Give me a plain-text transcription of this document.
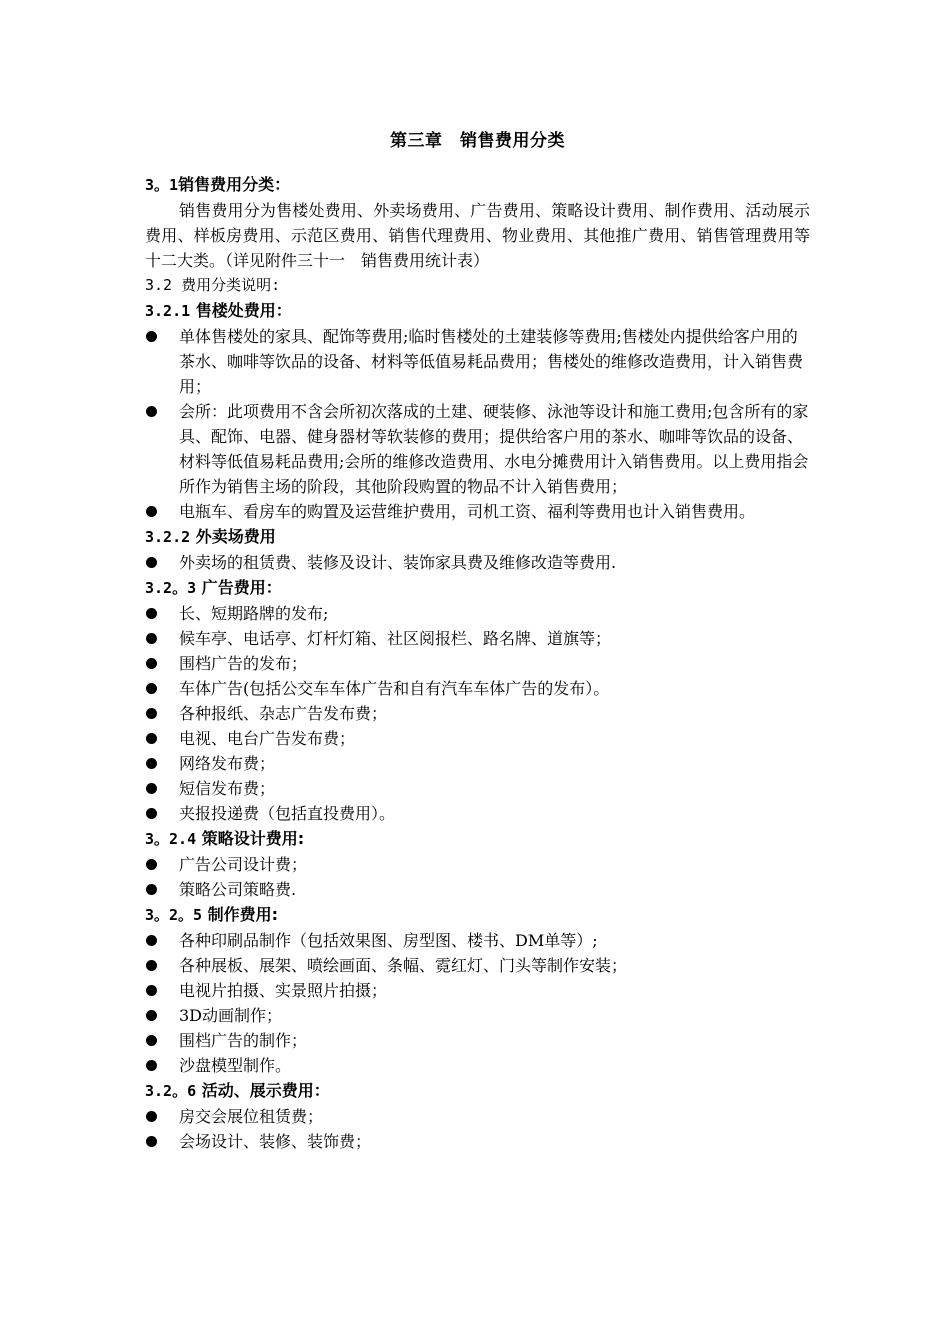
第三章　销售费用分类
3。1销售费用分类：
销售费用分为售楼处费用、外卖场费用、广告费用、策略设计费用、制作费用、活动展示费用、样板房费用、示范区费用、销售代理费用、物业费用、其他推广费用、销售管理费用等十二大类。（详见附件三十一　销售费用统计表）
3.2 费用分类说明:
3.2.1 售楼处费用：
单体售楼处的家具、配饰等费用;临时售楼处的土建装修等费用;售楼处内提供给客户用的茶水、咖啡等饮品的设备、材料等低值易耗品费用；售楼处的维修改造费用，计入销售费用；
会所：此项费用不含会所初次落成的土建、硬装修、泳池等设计和施工费用;包含所有的家具、配饰、电器、健身器材等软装修的费用；提供给客户用的茶水、咖啡等饮品的设备、材料等低值易耗品费用;会所的维修改造费用、水电分摊费用计入销售费用。以上费用指会所作为销售主场的阶段，其他阶段购置的物品不计入销售费用；
电瓶车、看房车的购置及运营维护费用，司机工资、福利等费用也计入销售费用。
3.2.2 外卖场费用
外卖场的租赁费、装修及设计、装饰家具费及维修改造等费用.
3.2。3 广告费用：
长、短期路牌的发布;
候车亭、电话亭、灯杆灯箱、社区阅报栏、路名牌、道旗等；
围档广告的发布；
车体广告(包括公交车车体广告和自有汽车车体广告的发布）。
各种报纸、杂志广告发布费；
电视、电台广告发布费；
网络发布费；
短信发布费；
夹报投递费（包括直投费用）。
3。2.4 策略设计费用:
广告公司设计费；
策略公司策略费.
3。2。5 制作费用:
各种印刷品制作（包括效果图、房型图、楼书、DM单等）;
各种展板、展架、喷绘画面、条幅、霓红灯、门头等制作安装；
电视片拍摄、实景照片拍摄；
3D动画制作；
围档广告的制作；
沙盘模型制作。
3.2。6 活动、展示费用：
房交会展位租赁费；
会场设计、装修、装饰费；
